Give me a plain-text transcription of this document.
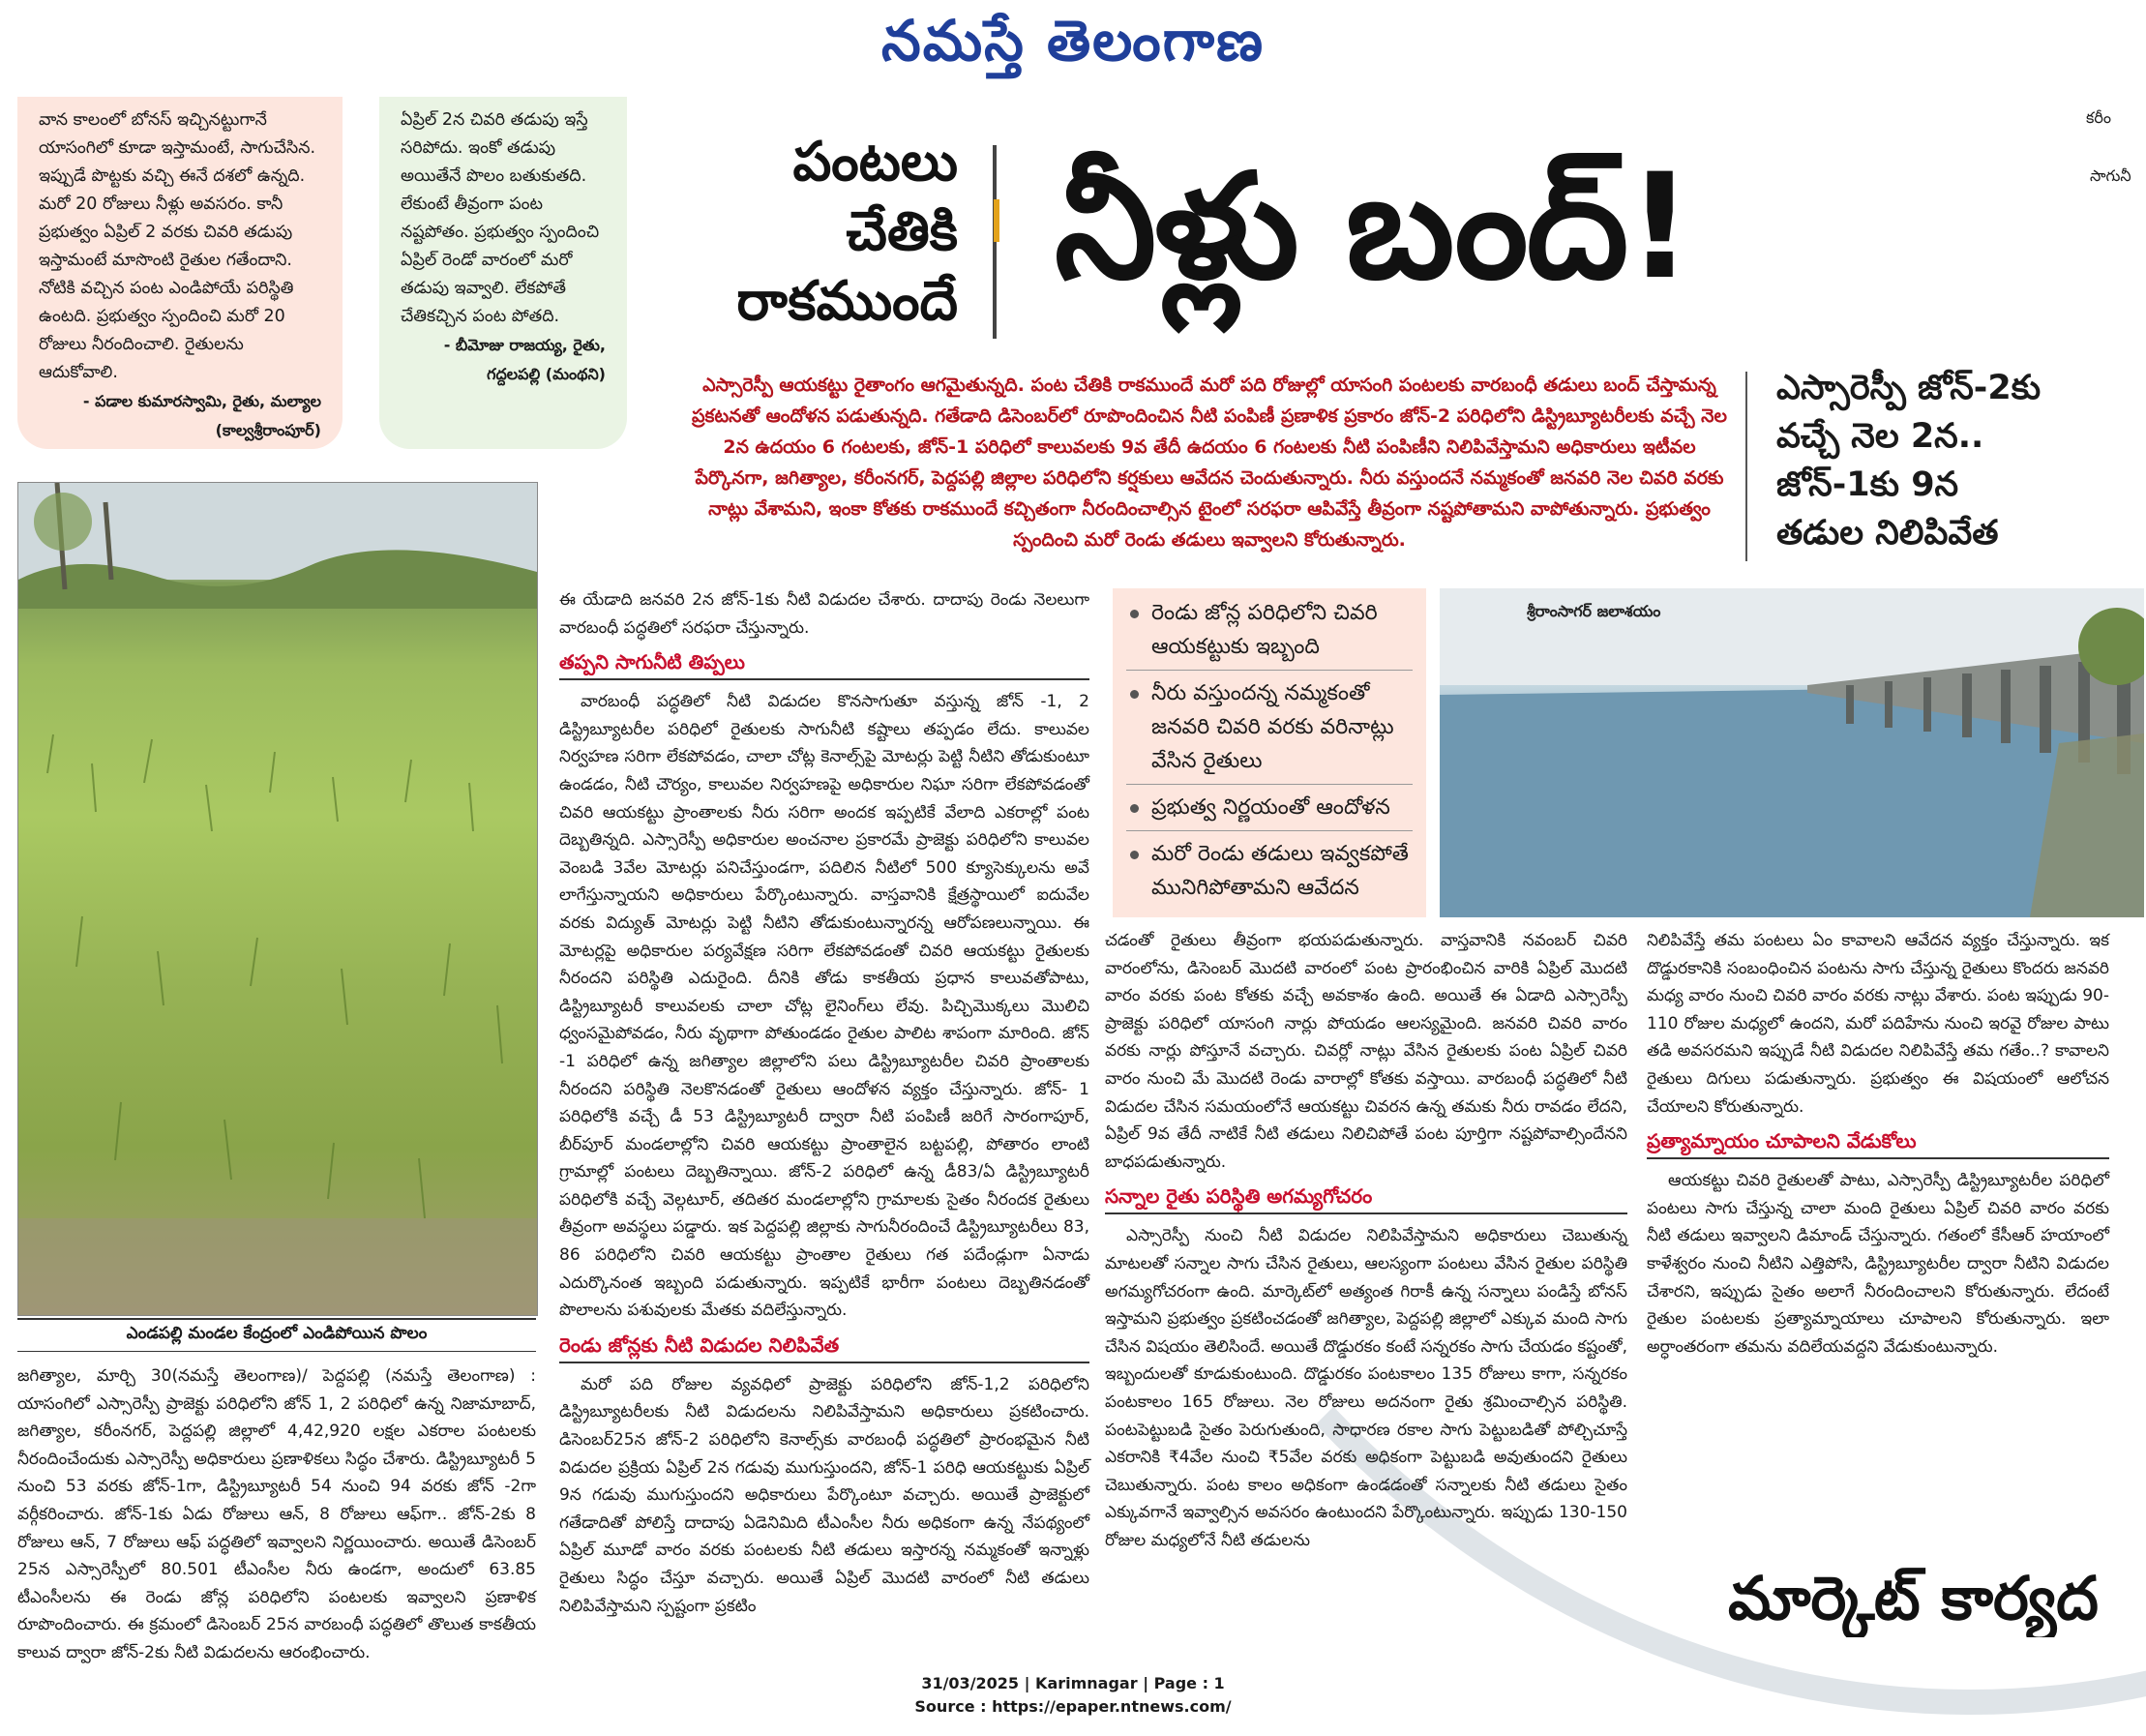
నమస్తే తెలంగాణ
వాన కాలంలో బోనస్ ఇచ్చినట్టుగానే యాసంగిలో కూడా ఇస్తామంటే, సాగుచేసిన. ఇప్పుడే పొట్టకు వచ్చి ఈనే దశలో ఉన్నది. మరో 20 రోజులు నీళ్లు అవసరం. కానీ ప్రభుత్వం ఏప్రిల్ 2 వరకు చివరి తడుపు ఇస్తామంటే మాసొంటి రైతుల గతేందాని. నోటికి వచ్చిన పంట ఎండిపోయే పరిస్థితి ఉంటది. ప్రభుత్వం స్పందించి మరో 20 రోజులు నీరందించాలి. రైతులను ఆదుకోవాలి.
- పడాల కుమారస్వామి, రైతు, మల్యాల (కాల్వశ్రీరాంపూర్)
ఏప్రిల్ 2న చివరి తడుపు ఇస్తే సరిపోదు. ఇంకో తడుపు అయితేనే పొలం బతుకుతది. లేకుంటే తీవ్రంగా పంట నష్టపోతం. ప్రభుత్వం స్పందించి ఏప్రిల్ రెండో వారంలో మరో తడుపు ఇవ్వాలి. లేకపోతే చేతికచ్చిన పంట పోతది.
- బీమోజు రాజయ్య, రైతు, గద్దలపల్లి (మంథని)
పంటలు
చేతికి
రాకముందే నీళ్లు బంద్!
కరీం
సాగునీ
ఎస్సారెస్పీ ఆయకట్టు రైతాంగం ఆగమైతున్నది. పంట చేతికి రాకముందే మరో పది రోజుల్లో యాసంగి పంటలకు వారబంధీ తడులు బంద్ చేస్తామన్న ప్రకటనతో ఆందోళన పడుతున్నది. గతేడాది డిసెంబర్‌లో రూపొందించిన నీటి పంపిణీ ప్రణాళిక ప్రకారం జోన్-2 పరిధిలోని డిస్ట్రిబ్యూటరీలకు వచ్చే నెల 2న ఉదయం 6 గంటలకు, జోన్-1 పరిధిలో కాలువలకు 9వ తేదీ ఉదయం 6 గంటలకు నీటి పంపిణీని నిలిపివేస్తామని అధికారులు ఇటీవల పేర్కొనగా, జగిత్యాల, కరీంనగర్, పెద్దపల్లి జిల్లాల పరిధిలోని కర్షకులు ఆవేదన చెందుతున్నారు. నీరు వస్తుందనే నమ్మకంతో జనవరి నెల చివరి వరకు నాట్లు వేశామని, ఇంకా కోతకు రాకముందే కచ్చితంగా నీరందించాల్సిన టైంలో సరఫరా ఆపివేస్తే తీవ్రంగా నష్టపోతామని వాపోతున్నారు. ప్రభుత్వం స్పందించి మరో రెండు తడులు ఇవ్వాలని కోరుతున్నారు.
ఎస్సారెస్పీ జోన్-2కు
వచ్చే నెల 2న..
జోన్-1కు 9న
తడుల నిలిపివేత
ఎండపల్లి మండల కేంద్రంలో ఎండిపోయిన పొలం

జగిత్యాల, మార్చి 30(నమస్తే తెలంగాణ)/ పెద్దపల్లి (నమస్తే తెలంగాణ) : యాసంగిలో ఎస్సారెస్పీ ప్రాజెక్టు పరిధిలోని జోన్ 1, 2 పరిధిలో ఉన్న నిజామాబాద్, జగిత్యాల, కరీంనగర్, పెద్దపల్లి జిల్లాలో 4,42,920 లక్షల ఎకరాల పంటలకు నీరందించేందుకు ఎస్సారెస్పీ అధికారులు ప్రణాళికలు సిద్ధం చేశారు. డిస్ట్రిబ్యూటరీ 5 నుంచి 53 వరకు జోన్-1గా, డిస్ట్రిబ్యూటరీ 54 నుంచి 94 వరకు జోన్ -2గా వర్గీకరించారు. జోన్-1కు ఏడు రోజులు ఆన్, 8 రోజులు ఆఫ్‌గా.. జోన్-2కు 8 రోజులు ఆన్, 7 రోజులు ఆఫ్ పద్ధతిలో ఇవ్వాలని నిర్ణయించారు. అయితే డిసెంబర్ 25న ఎస్సారెస్పీలో 80.501 టీఎంసీల నీరు ఉండగా, అందులో 63.85 టీఎంసీలను ఈ రెండు జోన్ల పరిధిలోని పంటలకు ఇవ్వాలని ప్రణాళిక రూపొందించారు. ఈ క్రమంలో డిసెంబర్ 25న వారబంధీ పద్ధతిలో తొలుత కాకతీయ కాలువ ద్వారా జోన్-2కు నీటి విడుదలను ఆరంభించారు.

ఈ యేడాది జనవరి 2న జోన్-1కు నీటి విడుదల చేశారు. దాదాపు రెండు నెలలుగా వారబంధీ పద్ధతిలో సరఫరా చేస్తున్నారు.

తప్పని సాగునీటి తిప్పలు

వారబంధీ పద్ధతిలో నీటి విడుదల కొనసాగుతూ వస్తున్న జోన్ -1, 2 డిస్ట్రిబ్యూటరీల పరిధిలో రైతులకు సాగునీటి కష్టాలు తప్పడం లేదు. కాలువల నిర్వహణ సరిగా లేకపోవడం, చాలా చోట్ల కెనాల్స్‌పై మోటర్లు పెట్టి నీటిని తోడుకుంటూ ఉండడం, నీటి చౌర్యం, కాలువల నిర్వహణపై అధికారుల నిఘా సరిగా లేకపోవడంతో చివరి ఆయకట్టు ప్రాంతాలకు నీరు సరిగా అందక ఇప్పటికే వేలాది ఎకరాల్లో పంట దెబ్బతిన్నది. ఎస్సారెస్పీ అధికారుల అంచనాల ప్రకారమే ప్రాజెక్టు పరిధిలోని కాలువల వెంబడి 3వేల మోటర్లు పనిచేస్తుండగా, పదిలిన నీటిలో 500 క్యూసెక్కులను అవే లాగేస్తున్నాయని అధికారులు పేర్కొంటున్నారు. వాస్తవానికి క్షేత్రస్థాయిలో ఐదువేల వరకు విద్యుత్ మోటర్లు పెట్టి నీటిని తోడుకుంటున్నారన్న ఆరోపణలున్నాయి. ఈ మోటర్లపై అధికారుల పర్యవేక్షణ సరిగా లేకపోవడంతో చివరి ఆయకట్టు రైతులకు నీరందని పరిస్థితి ఎదురైంది. దీనికి తోడు కాకతీయ ప్రధాన కాలువతోపాటు, డిస్ట్రిబ్యూటరీ కాలువలకు చాలా చోట్ల లైనింగ్‌లు లేవు. పిచ్చిమొక్కలు మొలిచి ధ్వంసమైపోవడం, నీరు వృథాగా పోతుండడం రైతుల పాలిట శాపంగా మారింది. జోన్ -1 పరిధిలో ఉన్న జగిత్యాల జిల్లాలోని పలు డిస్ట్రిబ్యూటరీల చివరి ప్రాంతాలకు నీరందని పరిస్థితి నెలకొనడంతో రైతులు ఆందోళన వ్యక్తం చేస్తున్నారు. జోన్- 1 పరిధిలోకి వచ్చే డీ 53 డిస్ట్రిబ్యూటరీ ద్వారా నీటి పంపిణీ జరిగే సారంగాపూర్, బీర్‌పూర్ మండలాల్లోని చివరి ఆయకట్టు ప్రాంతాలైన బట్టపల్లి, పోతారం లాంటి గ్రామాల్లో పంటలు దెబ్బతిన్నాయి. జోన్-2 పరిధిలో ఉన్న డీ83/ఏ డిస్ట్రిబ్యూటరీ పరిధిలోకి వచ్చే వెల్గటూర్, తదితర మండలాల్లోని గ్రామాలకు సైతం నీరందక రైతులు తీవ్రంగా అవస్థలు పడ్డారు. ఇక పెద్దపల్లి జిల్లాకు సాగునీరందించే డిస్ట్రిబ్యూటరీలు 83, 86 పరిధిలోని చివరి ఆయకట్టు ప్రాంతాల రైతులు గత పదేండ్లుగా ఏనాడు ఎదుర్కొనంత ఇబ్బంది పడుతున్నారు. ఇప్పటికే భారీగా పంటలు దెబ్బతినడంతో పొలాలను పశువులకు మేతకు వదిలేస్తున్నారు.

రెండు జోన్లకు నీటి విడుదల నిలిపివేత

మరో పది రోజుల వ్యవధిలో ప్రాజెక్టు పరిధిలోని జోన్-1,2 పరిధిలోని డిస్ట్రిబ్యూటరీలకు నీటి విడుదలను నిలిపివేస్తామని అధికారులు ప్రకటించారు. డిసెంబర్25న జోన్-2 పరిధిలోని కెనాల్స్‌కు వారబంధీ పద్ధతిలో ప్రారంభమైన నీటి విడుదల ప్రక్రియ ఏప్రిల్ 2న గడువు ముగుస్తుందని, జోన్-1 పరిధి ఆయకట్టుకు ఏప్రిల్ 9న గడువు ముగుస్తుందని అధికారులు పేర్కొంటూ వచ్చారు. అయితే ప్రాజెక్టులో గతేడాదితో పోలిస్తే దాదాపు ఏడెనిమిది టీఎంసీల నీరు అధికంగా ఉన్న నేపథ్యంలో ఏప్రిల్ మూడో వారం వరకు పంటలకు నీటి తడులు ఇస్తారన్న నమ్మకంతో ఇన్నాళ్లు రైతులు సిద్ధం చేస్తూ వచ్చారు. అయితే ఏప్రిల్ మొదటి వారంలో నీటి తడులు నిలిపివేస్తామని స్పష్టంగా ప్రకటిం

రెండు జోన్ల పరిధిలోని చివరి ఆయకట్టుకు ఇబ్బంది
నీరు వస్తుందన్న నమ్మకంతో జనవరి చివరి వరకు వరినాట్లు వేసిన రైతులు
ప్రభుత్వ నిర్ణయంతో ఆందోళన
మరో రెండు తడులు ఇవ్వకపోతే మునిగిపోతామని ఆవేదన
శ్రీరాంసాగర్ జలాశయం

చడంతో రైతులు తీవ్రంగా భయపడుతున్నారు. వాస్తవానికి నవంబర్ చివరి వారంలోను, డిసెంబర్ మొదటి వారంలో పంట ప్రారంభించిన వారికి ఏప్రిల్ మొదటి వారం వరకు పంట కోతకు వచ్చే అవకాశం ఉంది. అయితే ఈ ఏడాది ఎస్సారెస్పీ ప్రాజెక్టు పరిధిలో యాసంగి నార్లు పోయడం ఆలస్యమైంది. జనవరి చివరి వారం వరకు నార్లు పోస్తూనే వచ్చారు. చివర్లో నాట్లు వేసిన రైతులకు పంట ఏప్రిల్ చివరి వారం నుంచి మే మొదటి రెండు వారాల్లో కోతకు వస్తాయి. వారబంధీ పద్ధతిలో నీటి విడుదల చేసిన సమయంలోనే ఆయకట్టు చివరన ఉన్న తమకు నీరు రావడం లేదని, ఏప్రిల్ 9వ తేదీ నాటికే నీటి తడులు నిలిచిపోతే పంట పూర్తిగా నష్టపోవాల్సిందేనని బాధపడుతున్నారు.

సన్నాల రైతు పరిస్థితి అగమ్యగోచరం

ఎస్సారెస్పీ నుంచి నీటి విడుదల నిలిపివేస్తామని అధికారులు చెబుతున్న మాటలతో సన్నాల సాగు చేసిన రైతులు, ఆలస్యంగా పంటలు వేసిన రైతుల పరిస్థితి అగమ్యగోచరంగా ఉంది. మార్కెట్‌లో అత్యంత గిరాకీ ఉన్న సన్నాలు పండిస్తే బోనస్ ఇస్తామని ప్రభుత్వం ప్రకటించడంతో జగిత్యాల, పెద్దపల్లి జిల్లాలో ఎక్కువ మంది సాగు చేసిన విషయం తెలిసిందే. అయితే దొడ్డురకం కంటే సన్నరకం సాగు చేయడం కష్టంతో, ఇబ్బందులతో కూడుకుంటుంది. దొడ్డురకం పంటకాలం 135 రోజులు కాగా, సన్నరకం పంటకాలం 165 రోజులు. నెల రోజులు అదనంగా రైతు శ్రమించాల్సిన పరిస్థితి. పంటపెట్టుబడి సైతం పెరుగుతుంది, సాధారణ రకాల సాగు పెట్టుబడితో పోల్చిచూస్తే ఎకరానికి ₹4వేల నుంచి ₹5వేల వరకు అధికంగా పెట్టుబడి అవుతుందని రైతులు చెబుతున్నారు. పంట కాలం అధికంగా ఉండడంతో సన్నాలకు నీటి తడులు సైతం ఎక్కువగానే ఇవ్వాల్సిన అవసరం ఉంటుందని పేర్కొంటున్నారు. ఇప్పుడు 130-150 రోజుల మధ్యలోనే నీటి తడులను

నిలిపివేస్తే తమ పంటలు ఏం కావాలని ఆవేదన వ్యక్తం చేస్తున్నారు. ఇక దొడ్డురకానికి సంబంధించిన పంటను సాగు చేస్తున్న రైతులు కొందరు జనవరి మధ్య వారం నుంచి చివరి వారం వరకు నాట్లు వేశారు. పంట ఇప్పుడు 90-110 రోజుల మధ్యలో ఉందని, మరో పదిహేను నుంచి ఇరవై రోజుల పాటు తడి అవసరమని ఇప్పుడే నీటి విడుదల నిలిపివేస్తే తమ గతేం..? కావాలని రైతులు దిగులు పడుతున్నారు. ప్రభుత్వం ఈ విషయంలో ఆలోచన చేయాలని కోరుతున్నారు.

ప్రత్యామ్నాయం చూపాలని వేడుకోలు

ఆయకట్టు చివరి రైతులతో పాటు, ఎస్సారెస్పీ డిస్ట్రిబ్యూటరీల పరిధిలో పంటలు సాగు చేస్తున్న చాలా మంది రైతులు ఏప్రిల్ చివరి వారం వరకు నీటి తడులు ఇవ్వాలని డిమాండ్ చేస్తున్నారు. గతంలో కేసీఆర్ హయాంలో కాళేశ్వరం నుంచి నీటిని ఎత్తిపోసి, డిస్ట్రిబ్యూటరీల ద్వారా నీటిని విడుదల చేశారని, ఇప్పుడు సైతం అలాగే నీరందించాలని కోరుతున్నారు. లేదంటే రైతుల పంటలకు ప్రత్యామ్నాయాలు చూపాలని కోరుతున్నారు. ఇలా అర్ధాంతరంగా తమను వదిలేయవద్దని వేడుకుంటున్నారు.

మార్కెట్ కార్యద
31/03/2025 | Karimnagar | Page : 1
Source : https://epaper.ntnews.com/
